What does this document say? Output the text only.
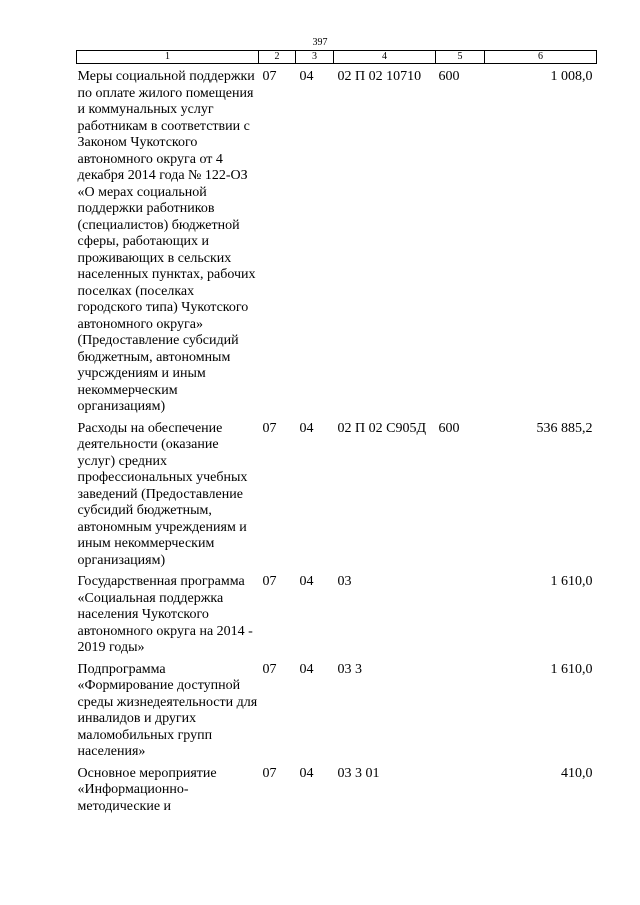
397
1	2	3	4	5	6
Меры социальной поддержки по оплате жилого помещения и коммунальных услуг работникам в соответствии с Законом Чукотского автономного округа от 4 декабря 2014 года № 122-ОЗ «О мерах социальной поддержки работников (специалистов) бюджетной сферы, работающих и проживающих в сельских населенных пунктах, рабочих поселках (поселках городского типа) Чукотского автономного округа» (Предоставление субсидий бюджетным, автономным учрсждениям и иным некоммерческим организациям)	07	04	02 П 02 10710	600	1 008,0
Расходы на обеспечение деятельности (оказание услуг) средних профессиональных учебных заведений (Предоставление субсидий бюджетным, автономным учреждениям и иным некоммерческим организациям)	07	04	02 П 02 С905Д	600	536 885,2
Государственная программа «Социальная поддержка населения Чукотского автономного округа на 2014 - 2019 годы»	07	04	03		1 610,0
Подпрограмма «Формирование доступной среды жизнедеятельности для инвалидов и других маломобильных групп населения»	07	04	03 3		1 610,0
Основное мероприятие «Информационно-методические и	07	04	03 3 01		410,0
